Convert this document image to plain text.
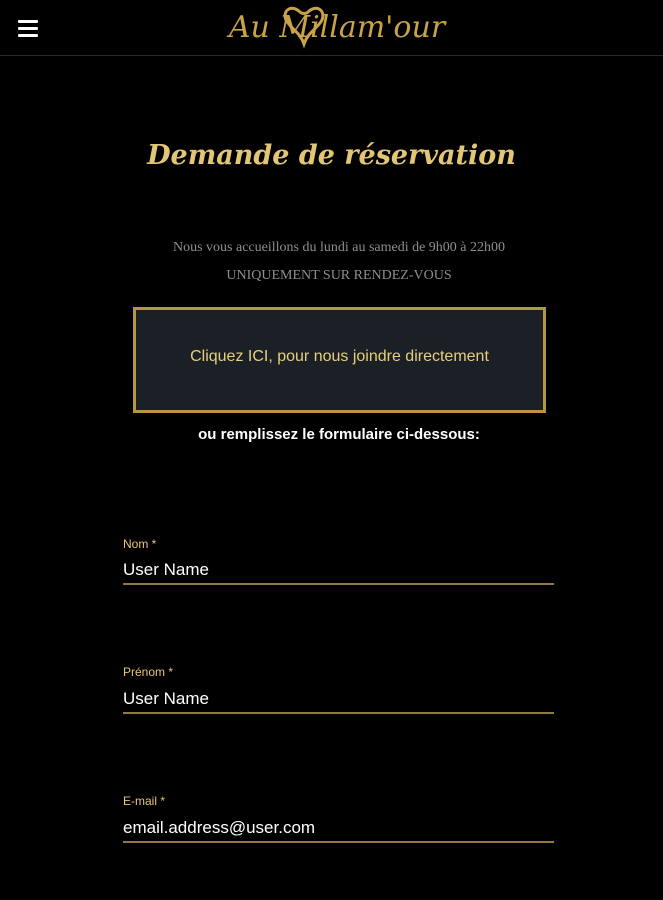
Au Millam'our
Demande de réservation
Nous vous accueillons du lundi au samedi de 9h00 à 22h00
UNIQUEMENT SUR RENDEZ-VOUS
Cliquez ICI, pour nous joindre directement
ou remplissez le formulaire ci-dessous:
Nom *
User Name
Prénom *
User Name
E-mail *
email.address@user.com
